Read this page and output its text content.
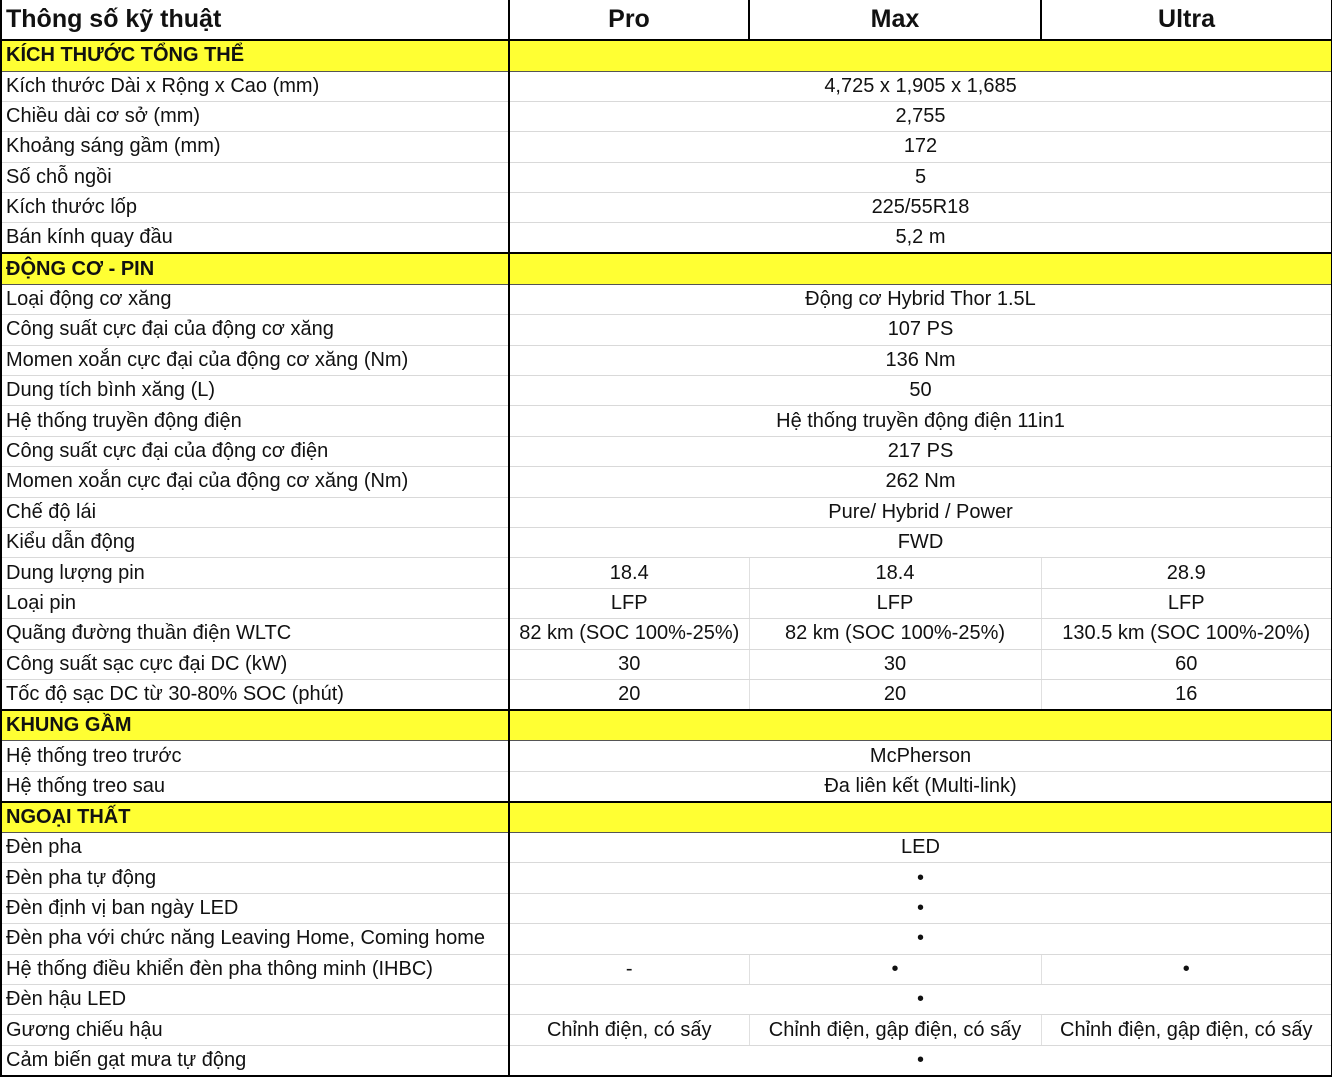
Thông số kỹ thuật	Pro	Max	Ultra
KÍCH THƯỚC TỔNG THỂ			
Kích thước Dài x Rộng x Cao (mm)	4,725 x 1,905 x 1,685		
Chiều dài cơ sở (mm)	2,755		
Khoảng sáng gầm (mm)	172		
Số chỗ ngồi	5		
Kích thước lốp	225/55R18		
Bán kính quay đầu	5,2 m		
ĐỘNG CƠ - PIN			
Loại động cơ xăng	Động cơ Hybrid Thor 1.5L		
Công suất cực đại của động cơ xăng	107 PS		
Momen xoắn cực đại của động cơ xăng (Nm)	136 Nm		
Dung tích bình xăng (L)	50		
Hệ thống truyền động điện	Hệ thống truyền động điện 11in1		
Công suất cực đại của động cơ điện	217 PS		
Momen xoắn cực đại của động cơ xăng (Nm)	262 Nm		
Chế độ lái	Pure/ Hybrid / Power		
Kiểu dẫn động	FWD		
Dung lượng pin	18.4	18.4	28.9
Loại pin	LFP	LFP	LFP
Quãng đường thuần điện WLTC	82 km (SOC 100%-25%)	82 km (SOC 100%-25%)	130.5 km (SOC 100%-20%)
Công suất sạc cực đại DC (kW)	30	30	60
Tốc độ sạc DC từ 30-80% SOC (phút)	20	20	16
KHUNG GẦM			
Hệ thống treo trước	McPherson		
Hệ thống treo sau	Đa liên kết (Multi-link)		
NGOẠI THẤT			
Đèn pha	LED		
Đèn pha tự động	•		
Đèn định vị ban ngày LED	•		
Đèn pha với chức năng Leaving Home, Coming home	•		
Hệ thống điều khiển đèn pha thông minh (IHBC)	-	•	•
Đèn hậu LED	•		
Gương chiếu hậu	Chỉnh điện, có sấy	Chỉnh điện, gập điện, có sấy	Chỉnh điện, gập điện, có sấy
Cảm biến gạt mưa tự động	•		
